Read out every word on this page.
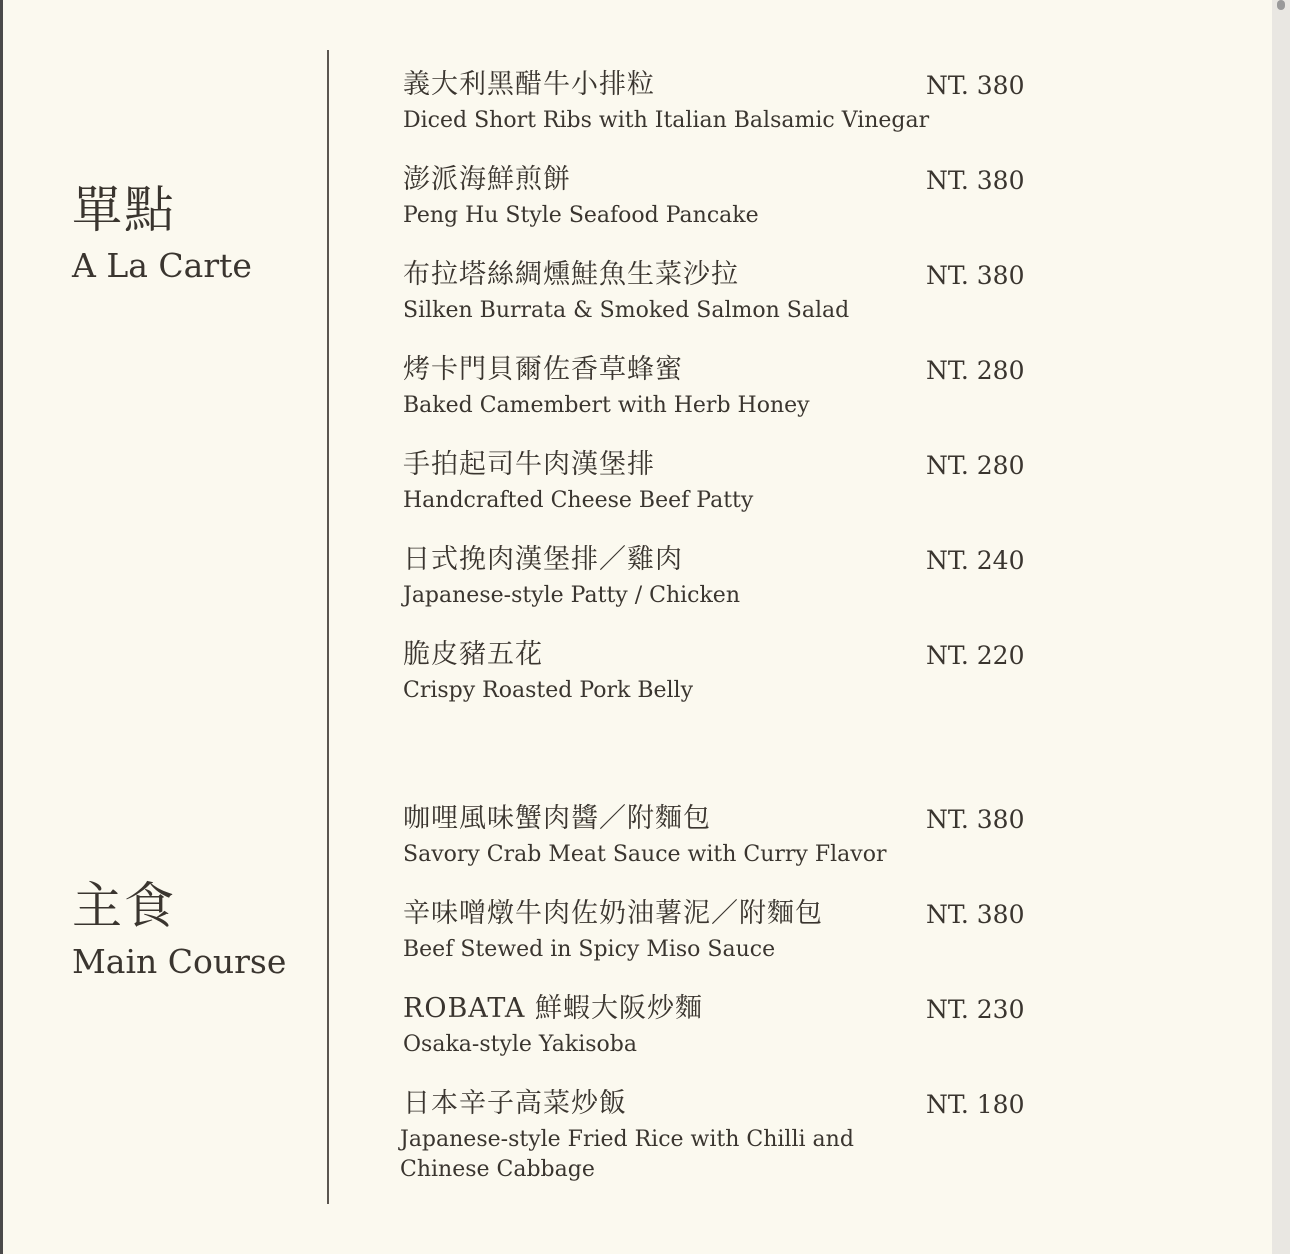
單點
A La Carte
義大利黑醋牛小排粒
Diced Short Ribs with Italian Balsamic Vinegar
NT. 380
澎派海鮮煎餅
Peng Hu Style Seafood Pancake
NT. 380
布拉塔絲綢燻鮭魚生菜沙拉
Silken Burrata & Smoked Salmon Salad
NT. 380
烤卡門貝爾佐香草蜂蜜
Baked Camembert with Herb Honey
NT. 280
手拍起司牛肉漢堡排
Handcrafted Cheese Beef Patty
NT. 280
日式挽肉漢堡排／雞肉
Japanese-style Patty / Chicken
NT. 240
脆皮豬五花
Crispy Roasted Pork Belly
NT. 220
主食
Main Course
咖哩風味蟹肉醬／附麵包
Savory Crab Meat Sauce with Curry Flavor
NT. 380
辛味噌燉牛肉佐奶油薯泥／附麵包
Beef Stewed in Spicy Miso Sauce
NT. 380
ROBATA 鮮蝦大阪炒麵
Osaka-style Yakisoba
NT. 230
日本辛子高菜炒飯
Japanese-style Fried Rice with Chilli and Chinese Cabbage
NT. 180
